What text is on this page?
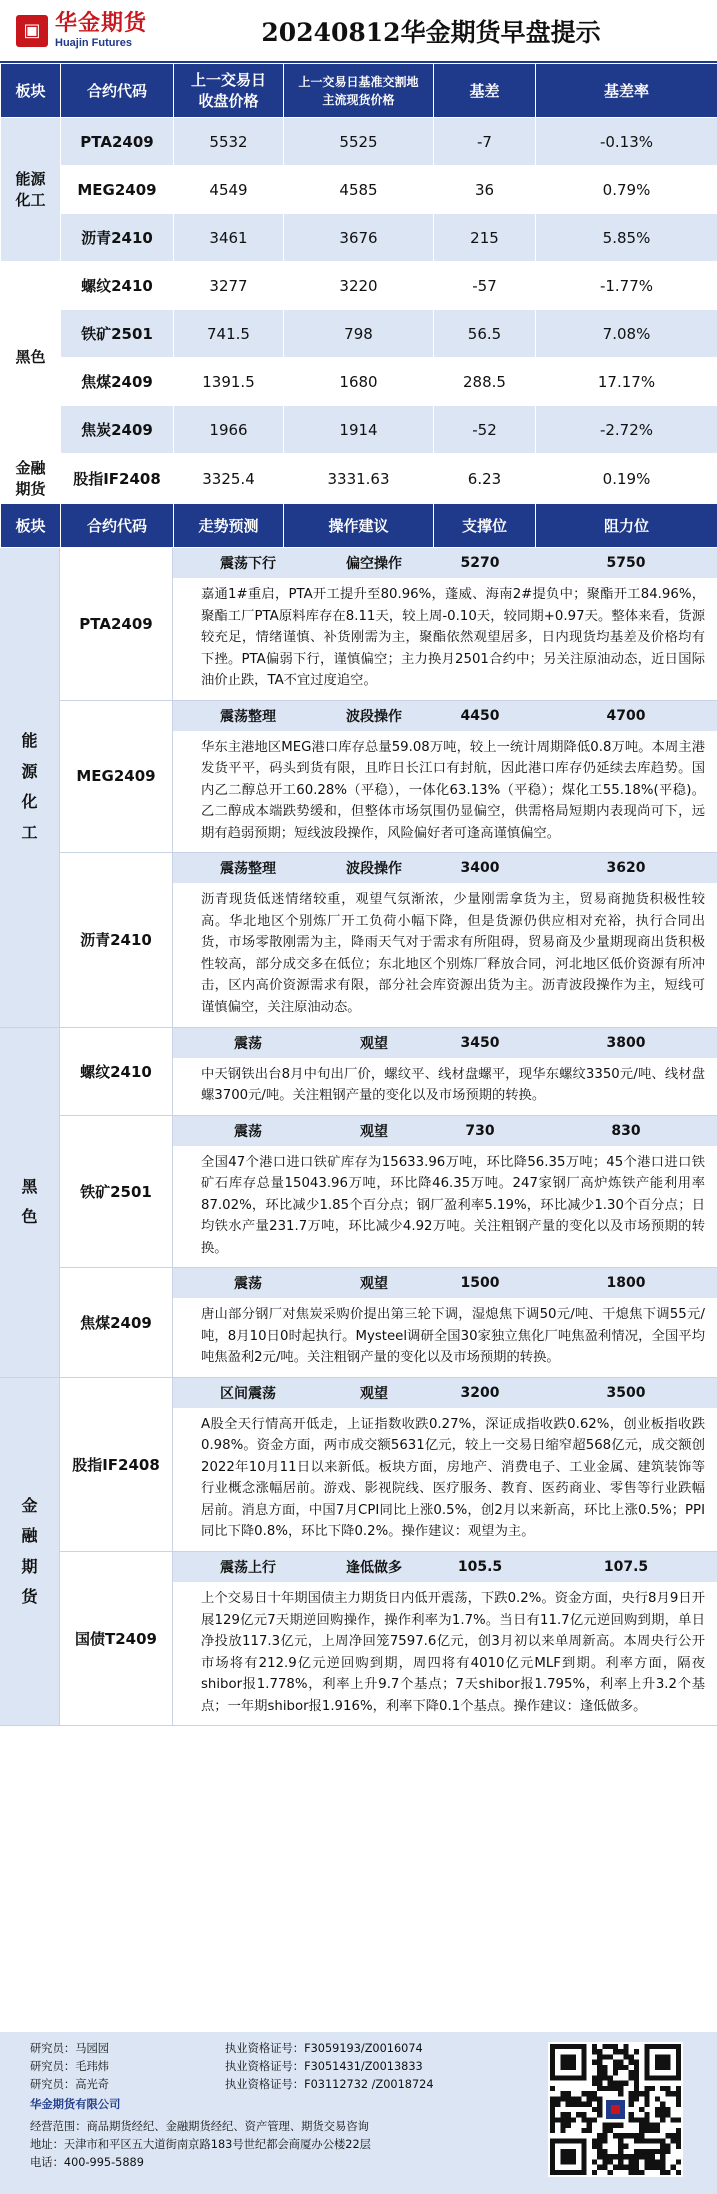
▣ 华金期货
Huajin Futures	20240812华金期货早盘提示
板块	合约代码	上一交易日收盘价格	上一交易日基准交割地主流现货价格	基差	基差率
能源化工	PTA2409	5532	5525	-7	-0.13%
	MEG2409	4549	4585	36	0.79%
	沥青2410	3461	3676	215	5.85%
黑色	螺纹2410	3277	3220	-57	-1.77%
	铁矿2501	741.5	798	56.5	7.08%
	焦煤2409	1391.5	1680	288.5	17.17%
	焦炭2409	1966	1914	-52	-2.72%
金融期货	股指IF2408	3325.4	3331.63	6.23	0.19%
板块	合约代码	走势预测	操作建议	支撑位	阻力位
能源化工
PTA2409
震荡下行	偏空操作	5270	5750
嘉通1#重启，PTA开工提升至80.96%，蓬威、海南2#提负中；聚酯开工84.96%，聚酯工厂PTA原料库存在8.11天，较上周-0.10天，较同期+0.97天。整体来看，货源较充足，情绪谨慎、补货刚需为主，聚酯依然观望居多，日内现货均基差及价格均有下挫。PTA偏弱下行，谨慎偏空；主力换月2501合约中；另关注原油动态，近日国际油价止跌，TA不宜过度追空。
MEG2409
震荡整理	波段操作	4450	4700
华东主港地区MEG港口库存总量59.08万吨，较上一统计周期降低0.8万吨。本周主港发货平平，码头到货有限，且昨日长江口有封航，因此港口库存仍延续去库趋势。国内乙二醇总开工60.28%（平稳），一体化63.13%（平稳）；煤化工55.18%(平稳)。乙二醇成本端跌势缓和，但整体市场氛围仍显偏空，供需格局短期内表现尚可下，远期有趋弱预期；短线波段操作，风险偏好者可逢高谨慎偏空。
沥青2410
震荡整理	波段操作	3400	3620
沥青现货低迷情绪较重，观望气氛渐浓，少量刚需拿货为主，贸易商抛货积极性较高。华北地区个别炼厂开工负荷小幅下降，但是货源仍供应相对充裕，执行合同出货，市场零散刚需为主，降雨天气对于需求有所阻碍，贸易商及少量期现商出货积极性较高，部分成交多在低位；东北地区个别炼厂释放合同，河北地区低价资源有所冲击，区内高价资源需求有限，部分社会库资源出货为主。沥青波段操作为主，短线可谨慎偏空，关注原油动态。
黑色
螺纹2410
震荡	观望	3450	3800
中天钢铁出台8月中旬出厂价，螺纹平、线材盘螺平，现华东螺纹3350元/吨、线材盘螺3700元/吨。关注粗钢产量的变化以及市场预期的转换。
铁矿2501
震荡	观望	730	830
全国47个港口进口铁矿库存为15633.96万吨，环比降56.35万吨；45个港口进口铁矿石库存总量15043.96万吨，环比降46.35万吨。247家钢厂高炉炼铁产能利用率87.02%，环比减少1.85个百分点；钢厂盈利率5.19%，环比减少1.30个百分点；日均铁水产量231.7万吨，环比减少4.92万吨。关注粗钢产量的变化以及市场预期的转换。
焦煤2409
震荡	观望	1500	1800
唐山部分钢厂对焦炭采购价提出第三轮下调，湿熄焦下调50元/吨、干熄焦下调55元/吨，8月10日0时起执行。Mysteel调研全国30家独立焦化厂吨焦盈利情况，全国平均吨焦盈利2元/吨。关注粗钢产量的变化以及市场预期的转换。
金融期货
股指IF2408
区间震荡	观望	3200	3500
A股全天行情高开低走，上证指数收跌0.27%，深证成指收跌0.62%，创业板指收跌0.98%。资金方面，两市成交额5631亿元，较上一交易日缩窄超568亿元，成交额创2022年10月11日以来新低。板块方面，房地产、消费电子、工业金属、建筑装饰等行业概念涨幅居前。游戏、影视院线、医疗服务、教育、医药商业、零售等行业跌幅居前。消息方面，中国7月CPI同比上涨0.5%，创2月以来新高，环比上涨0.5%；PPI同比下降0.8%，环比下降0.2%。操作建议：观望为主。
国债T2409
震荡上行	逢低做多	105.5	107.5
上个交易日十年期国债主力期货日内低开震荡，下跌0.2%。资金方面，央行8月9日开展129亿元7天期逆回购操作，操作利率为1.7%。当日有11.7亿元逆回购到期，单日净投放117.3亿元，上周净回笼7597.6亿元，创3月初以来单周新高。本周央行公开市场将有212.9亿元逆回购到期，周四将有4010亿元MLF到期。利率方面，隔夜shibor报1.778%，利率上升9.7个基点；7天shibor报1.795%，利率上升3.2个基点；一年期shibor报1.916%，利率下降0.1个基点。操作建议：逢低做多。
研究员：马园园	执业资格证号：F3059193/Z0016074
研究员：毛玮炜	执业资格证号：F3051431/Z0013833
研究员：高光奇	执业资格证号：F03112732 /Z0018724
华金期货有限公司
经营范围：商品期货经纪、金融期货经纪、资产管理、期货交易咨询
地址：天津市和平区五大道街南京路183号世纪都会商厦办公楼22层
电话：400-995-5889
